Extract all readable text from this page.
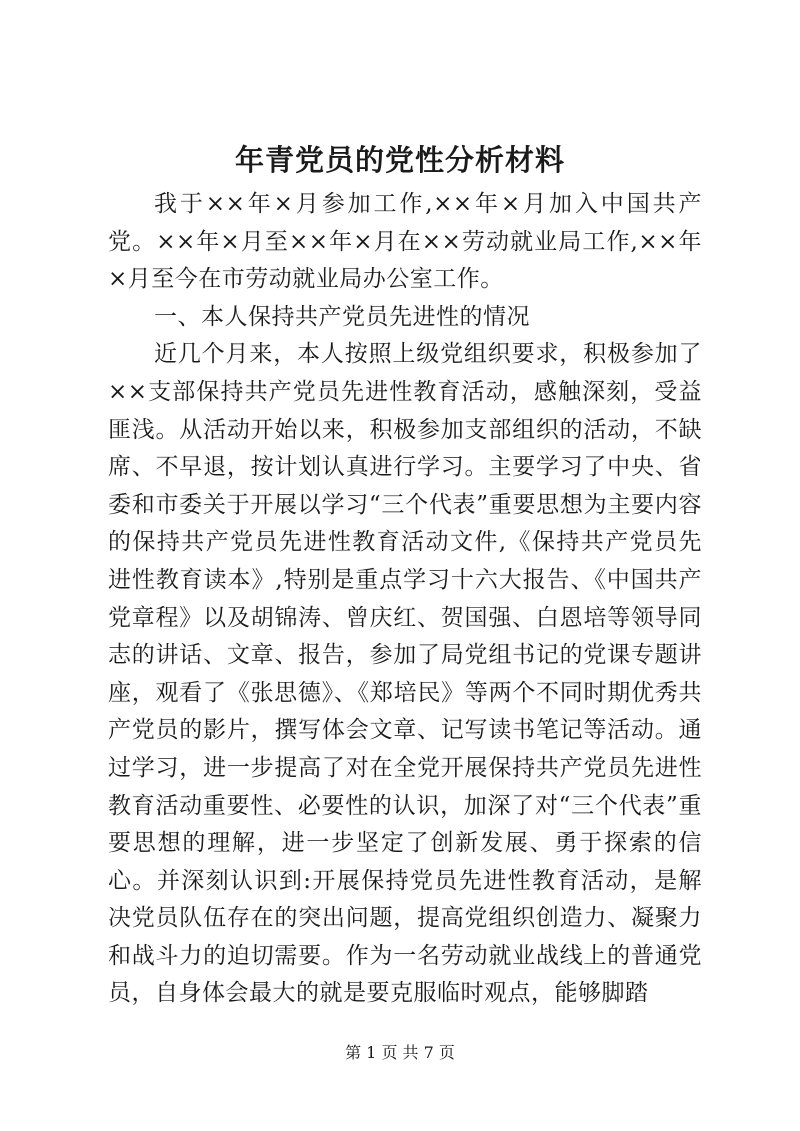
年青党员的党性分析材料

我于××年×月参加工作,××年×月加入中国共产党。××年×月至××年×月在××劳动就业局工作,××年×月至今在市劳动就业局办公室工作。

一、本人保持共产党员先进性的情况

近几个月来，本人按照上级党组织要求，积极参加了××支部保持共产党员先进性教育活动，感触深刻，受益匪浅。从活动开始以来，积极参加支部组织的活动，不缺席、不早退，按计划认真进行学习。主要学习了中央、省委和市委关于开展以学习“三个代表”重要思想为主要内容的保持共产党员先进性教育活动文件,《保持共产党员先进性教育读本》,特别是重点学习十六大报告、《中国共产党章程》以及胡锦涛、曾庆红、贺国强、白恩培等领导同志的讲话、文章、报告，参加了局党组书记的党课专题讲座，观看了《张思德》、《郑培民》等两个不同时期优秀共产党员的影片，撰写体会文章、记写读书笔记等活动。通过学习，进一步提高了对在全党开展保持共产党员先进性教育活动重要性、必要性的认识，加深了对“三个代表”重要思想的理解，进一步坚定了创新发展、勇于探索的信心。并深刻认识到:开展保持党员先进性教育活动，是解决党员队伍存在的突出问题，提高党组织创造力、凝聚力和战斗力的迫切需要。作为一名劳动就业战线上的普通党员，自身体会最大的就是要克服临时观点，能够脚踏

第 1 页 共 7 页
